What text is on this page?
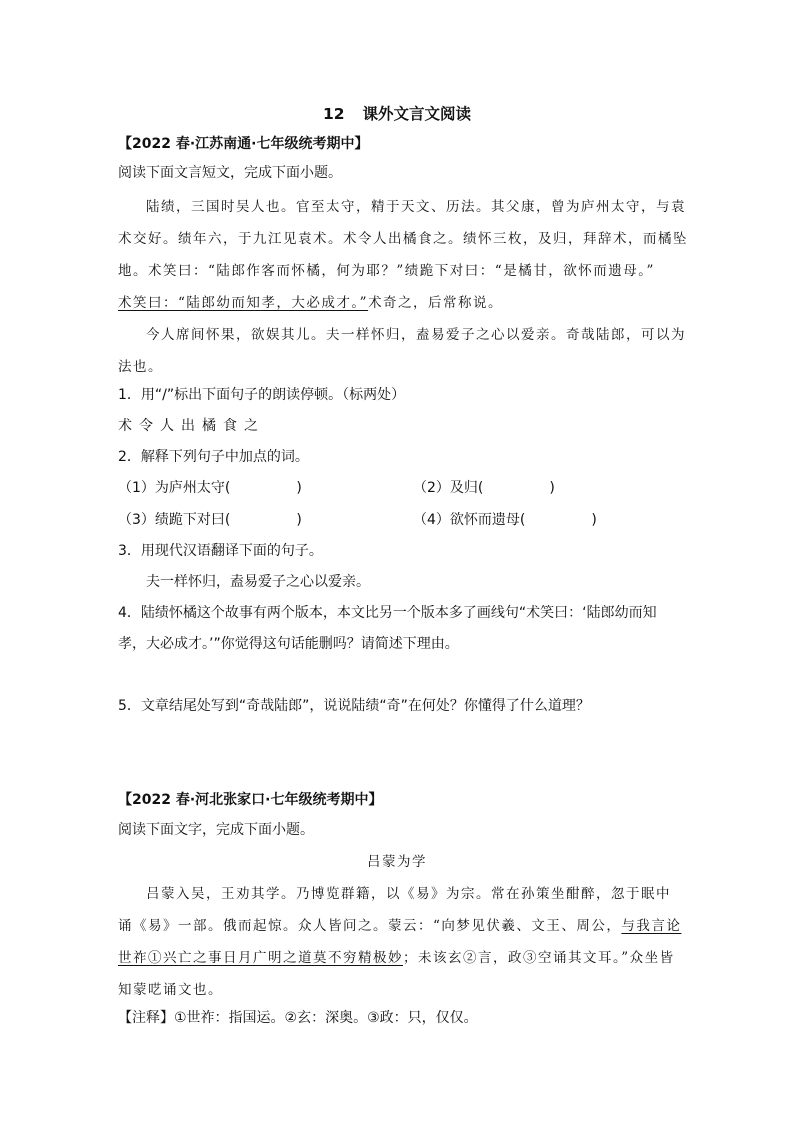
12 课外文言文阅读
【2022 春·江苏南通·七年级统考期中】
阅读下面文言短文，完成下面小题。
陆绩，三国时吴人也。官至太守，精于天文、历法。其父康，曾为庐州太守，与袁
术交好。绩年六，于九江见袁术。术令人出橘食之。绩怀三枚，及归，拜辞术，而橘坠
地。术笑曰：“陆郎作客而怀橘，何为耶？”绩跪下对曰：“是橘甘，欲怀而遗母。”
术笑曰：“陆郎幼而知孝，大必成才。”术奇之，后常称说。
今人席间怀果，欲娱其儿。夫一样怀归，盍易爱子之心以爱亲。奇哉陆郎，可以为
法也。
1．用“/”标出下面句子的朗读停顿。（标两处）
术令人出橘食之
2．解释下列句子中加点的词。
（1）为庐州太守(	)	（2）及归(	)
（3）绩跪下对曰(	)	（4）欲怀而遗母(	)
3．用现代汉语翻译下面的句子。
夫一样怀归，盍易爱子之心以爱亲。
4．陆绩怀橘这个故事有两个版本，本文比另一个版本多了画线句“术笑曰：‘陆郎幼而知
孝，大必成才。’”你觉得这句话能删吗？请简述下理由。
5．文章结尾处写到“奇哉陆郎”，说说陆绩“奇”在何处？你懂得了什么道理？
【2022 春·河北张家口·七年级统考期中】
阅读下面文字，完成下面小题。
吕蒙为学
吕蒙入吴，王劝其学。乃博览群籍，以《易》为宗。常在孙策坐酣醉，忽于眠中
诵《易》一部。俄而起惊。众人皆问之。蒙云：“向梦见伏羲、文王、周公，与我言论
世祚①兴亡之事日月广明之道莫不穷精极妙；未该玄②言，政③空诵其文耳。”众坐皆
知蒙呓诵文也。
【注释】①世祚：指国运。②玄：深奥。③政：只，仅仅。
